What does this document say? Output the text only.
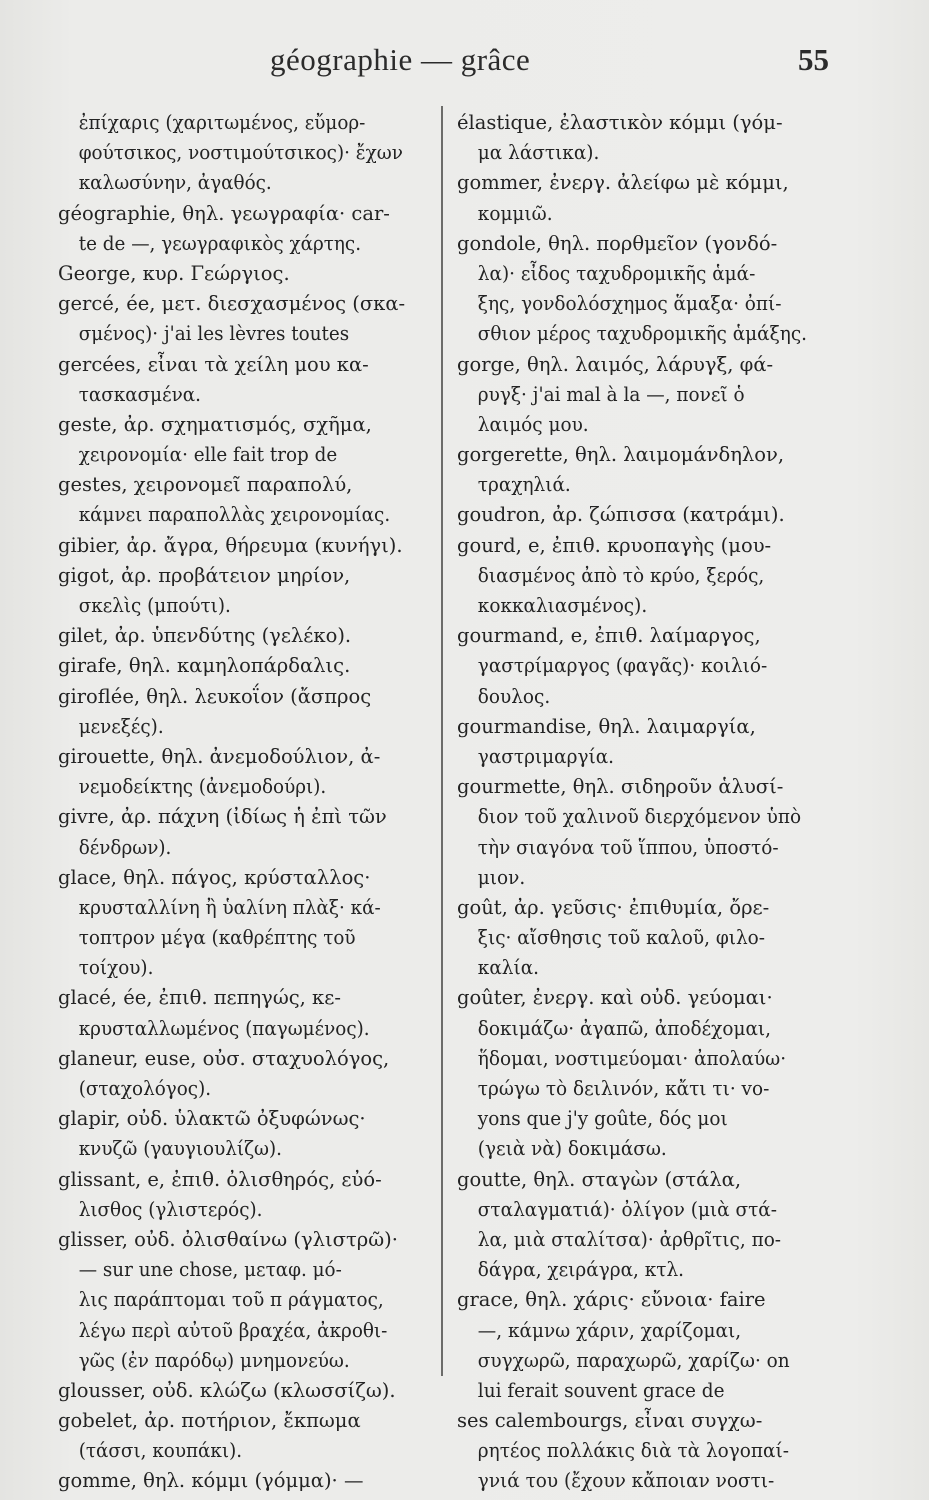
géographie — grâce	55
ἐπίχαρις (χαριτωμένος, εὔμορ-
φούτσικος, νοστιμούτσικος)· ἔχων
καλωσύνην, ἀγαθός.
géographie, θηλ. γεωγραφία· car-
te de —, γεωγραφικὸς χάρτης.
George, κυρ. Γεώργιος.
gercé, ée, μετ. διεσχασμένος (σκα-
σμένος)· j'ai les lèvres toutes
gercées, εἶναι τὰ χείλη μου κα-
τασκασμένα.
geste, ἀρ. σχηματισμός, σχῆμα,
χειρονομία· elle fait trop de
gestes, χειρονομεῖ παραπολύ,
κάμνει παραπολλὰς χειρονομίας.
gibier, ἀρ. ἄγρα, θήρευμα (κυνήγι).
gigot, ἀρ. προβάτειον μηρίον,
σκελὶς (μπούτι).
gilet, ἀρ. ὑπενδύτης (γελέκο).
girafe, θηλ. καμηλοπάρδαλις.
giroflée, θηλ. λευκοΐον (ἄσπρος
μενεξές).
girouette, θηλ. ἀνεμοδούλιον, ἀ-
νεμοδείκτης (ἀνεμοδούρι).
givre, ἀρ. πάχνη (ἰδίως ἡ ἐπὶ τῶν
δένδρων).
glace, θηλ. πάγος, κρύσταλλος·
κρυσταλλίνη ἢ ὑαλίνη πλὰξ· κά-
τοπτρον μέγα (καθρέπτης τοῦ
τοίχου).
glacé, ée, ἐπιθ. πεπηγώς, κε-
κρυσταλλωμένος (παγωμένος).
glaneur, euse, οὐσ. σταχυολόγος,
(σταχολόγος).
glapir, οὐδ. ὑλακτῶ ὀξυφώνως·
κνυζῶ (γαυγιουλίζω).
glissant, e, ἐπιθ. ὀλισθηρός, εὐό-
λισθος (γλιστερός).
glisser, οὐδ. ὀλισθαίνω (γλιστρῶ)·
— sur une chose, μεταφ. μό-
λις παράπτομαι τοῦ π ράγματος,
λέγω περὶ αὐτοῦ βραχέα, ἀκροθι-
γῶς (ἐν παρόδῳ) μνημονεύω.
glousser, οὐδ. κλώζω (κλωσσίζω).
gobelet, ἀρ. ποτήριον, ἔκπωμα
(τάσσι, κουπάκι).
gomme, θηλ. κόμμι (γόμμα)· —
élastique, ἐλαστικὸν κόμμι (γόμ-
μα λάστικα).
gommer, ἐνεργ. ἀλείφω μὲ κόμμι,
κομμιῶ.
gondole, θηλ. πορθμεῖον (γονδό-
λα)· εἶδος ταχυδρομικῆς ἁμά-
ξης, γονδολόσχημος ἅμαξα· ὀπί-
σθιον μέρος ταχυδρομικῆς ἁμάξης.
gorge, θηλ. λαιμός, λάρυγξ, φά-
ρυγξ· j'ai mal à la —, πονεῖ ὁ
λαιμός μου.
gorgerette, θηλ. λαιμομάνδηλον,
τραχηλιά.
goudron, ἀρ. ζώπισσα (κατράμι).
gourd, e, ἐπιθ. κρυοπαγὴς (μου-
διασμένος ἀπὸ τὸ κρύο, ξερός,
κοκκαλιασμένος).
gourmand, e, ἐπιθ. λαίμαργος,
γαστρίμαργος (φαγᾶς)· κοιλιό-
δουλος.
gourmandise, θηλ. λαιμαργία,
γαστριμαργία.
gourmette, θηλ. σιδηροῦν ἁλυσί-
διον τοῦ χαλινοῦ διερχόμενον ὑπὸ
τὴν σιαγόνα τοῦ ἵππου, ὑποστό-
μιον.
goût, ἀρ. γεῦσις· ἐπιθυμία, ὄρε-
ξις· αἴσθησις τοῦ καλοῦ, φιλο-
καλία.
goûter, ἐνεργ. καὶ οὐδ. γεύομαι·
δοκιμάζω· ἀγαπῶ, ἀποδέχομαι,
ἥδομαι, νοστιμεύομαι· ἀπολαύω·
τρώγω τὸ δειλινόν, κἄτι τι· vo-
yons que j'y goûte, δός μοι
(γειὰ νὰ) δοκιμάσω.
goutte, θηλ. σταγὼν (στάλα,
σταλαγματιά)· ὀλίγον (μιὰ στά-
λα, μιὰ σταλίτσα)· ἀρθρῖτις, πο-
δάγρα, χειράγρα, κτλ.
grace, θηλ. χάρις· εὔνοια· faire
—, κάμνω χάριν, χαρίζομαι,
συγχωρῶ, παραχωρῶ, χαρίζω· on
lui ferait souvent grace de
ses calembourgs, εἶναι συγχω-
ρητέος πολλάκις διὰ τὰ λογοπαί-
γνιά του (ἔχουν κἄποιαν νοστι-
